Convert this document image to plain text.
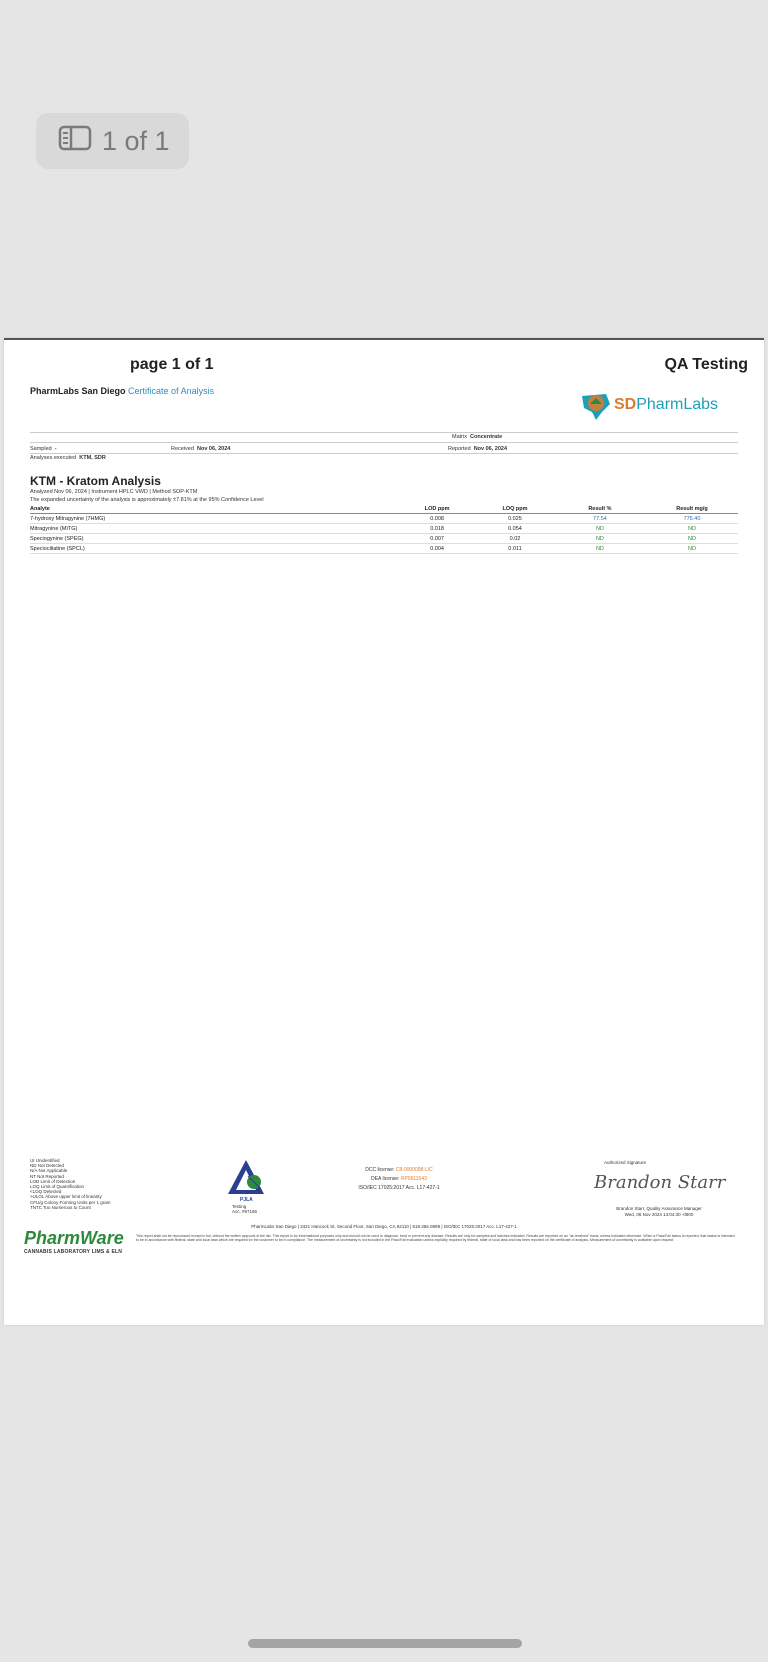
1 of 1
page 1 of 1	QA Testing
PharmLabs San Diego Certificate of Analysis
SDPharmLabs
Matrix Concentrate
Sampled -	Received Nov 06, 2024	Reported Nov 06, 2024
Analyses executed KTM, SDR
KTM - Kratom Analysis
Analyzed Nov 06, 2024 | Instrument HPLC VWD | Method SOP-KTM
The expanded uncertainty of the analysis is approximately ±7.81% at the 95% Confidence Level
Analyte	LOD ppm	LOQ ppm	Result %	Result mg/g
7-hydroxy Mitragynine (7HMG)	0.008	0.025	77.54	775.40
Mitragynine (MITG)	0.018	0.054	ND	ND
Speciogynine (SPEG)	0.007	0.02	ND	ND
Speciociliatine (SPCL)	0.004	0.011	ND	ND
UI Unidentified
ND Not Detected
N/A Not Applicable
NT Not Reported
LOD Limit of Detection
LOQ Limit of Quantification
<LOQ Detected
>ULOL Above upper limit of linearity
CFU/g Colony Forming Units per 1 gram
TNTC Too Numerous to Count
PJLA
Testing
Acc. #97166
DCC license: C8-0000098-LIC
DEA license: RP0611543
ISO/IEC 17025:2017 Acc. L17-427-1
Authorized Signature
Brandon Starr
Brandon Starr, Quality Assurance Manager
Wed, 06 Nov 2024 14:04:30 -0800
PharmLabs San Diego | 3421 Hancock St, Second Floor, San Diego, CA 92110 | 619.356.0898 | ISO/IEC 17025:2017 Acc. L17-427-1
PharmWare
CANNABIS LABORATORY LIMS & ELN
This report shall not be reproduced except in full, without the written approval of the lab. This report is for informational purposes only and should not be used to diagnose, treat or prevent any disease. Results are only for samples and batches indicated. Results are reported on an "as received" basis, unless indicated otherwise. When a Pass/Fail status is reported, that status is intended to be in accordance with federal, state and local laws which are required for the customer to be in compliance. The measurement of uncertainty is not included in the Pass/Fail evaluation unless explicitly required by federal, state or local laws and has been reported on the certificate of analysis. Measurement of uncertainty is available upon request.
